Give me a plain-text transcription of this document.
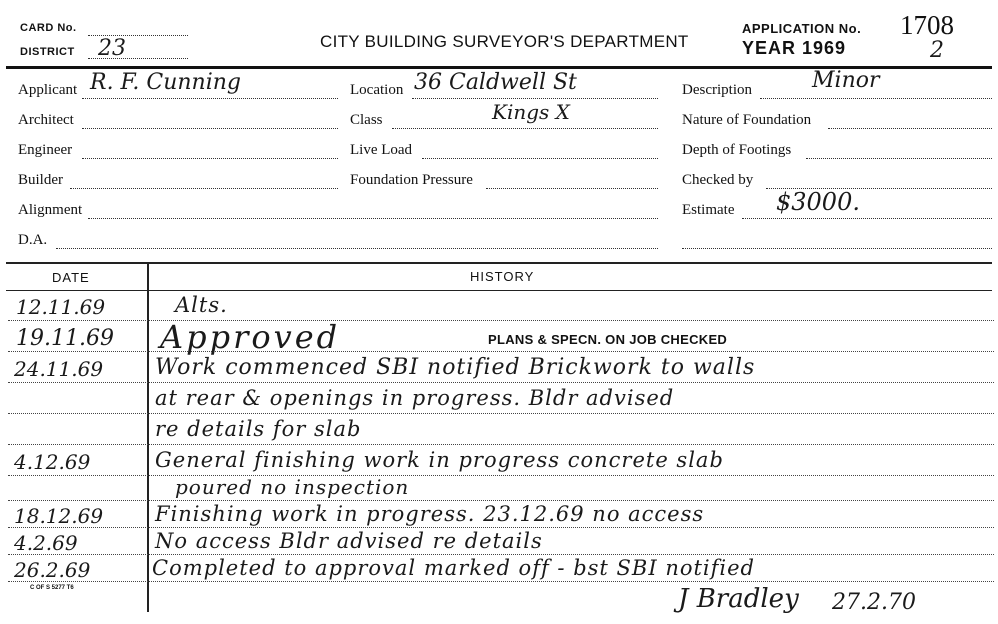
CARD No.
DISTRICT 23	CITY BUILDING SURVEYOR'S DEPARTMENT
APPLICATION No. 1708
YEAR 1969	2
Applicant R. F. Cunning
Architect
Engineer
Builder
Alignment
D.A.
Location 36 Caldwell St
Class	Kings X
Live Load
Foundation Pressure
Description	Minor
Nature of Foundation
Depth of Footings
Checked by
Estimate $3000.
DATE	HISTORY
12.11.69	Alts.
19.11.69 Approved	PLANS & SPECN. ON JOB CHECKED
24.11.69 Work commenced SBI notified Brickwork to walls
at rear & openings in progress. Bldr advised
re details for slab
4.12.69	General finishing work in progress concrete slab
poured no inspection
18.12.69 Finishing work in progress. 23.12.69 no access
4.2.69	No access Bldr advised re details
26.2.69	Completed to approval marked off - bst SBI notified
C OF S 5277 T6	J Bradley 27.2.70
